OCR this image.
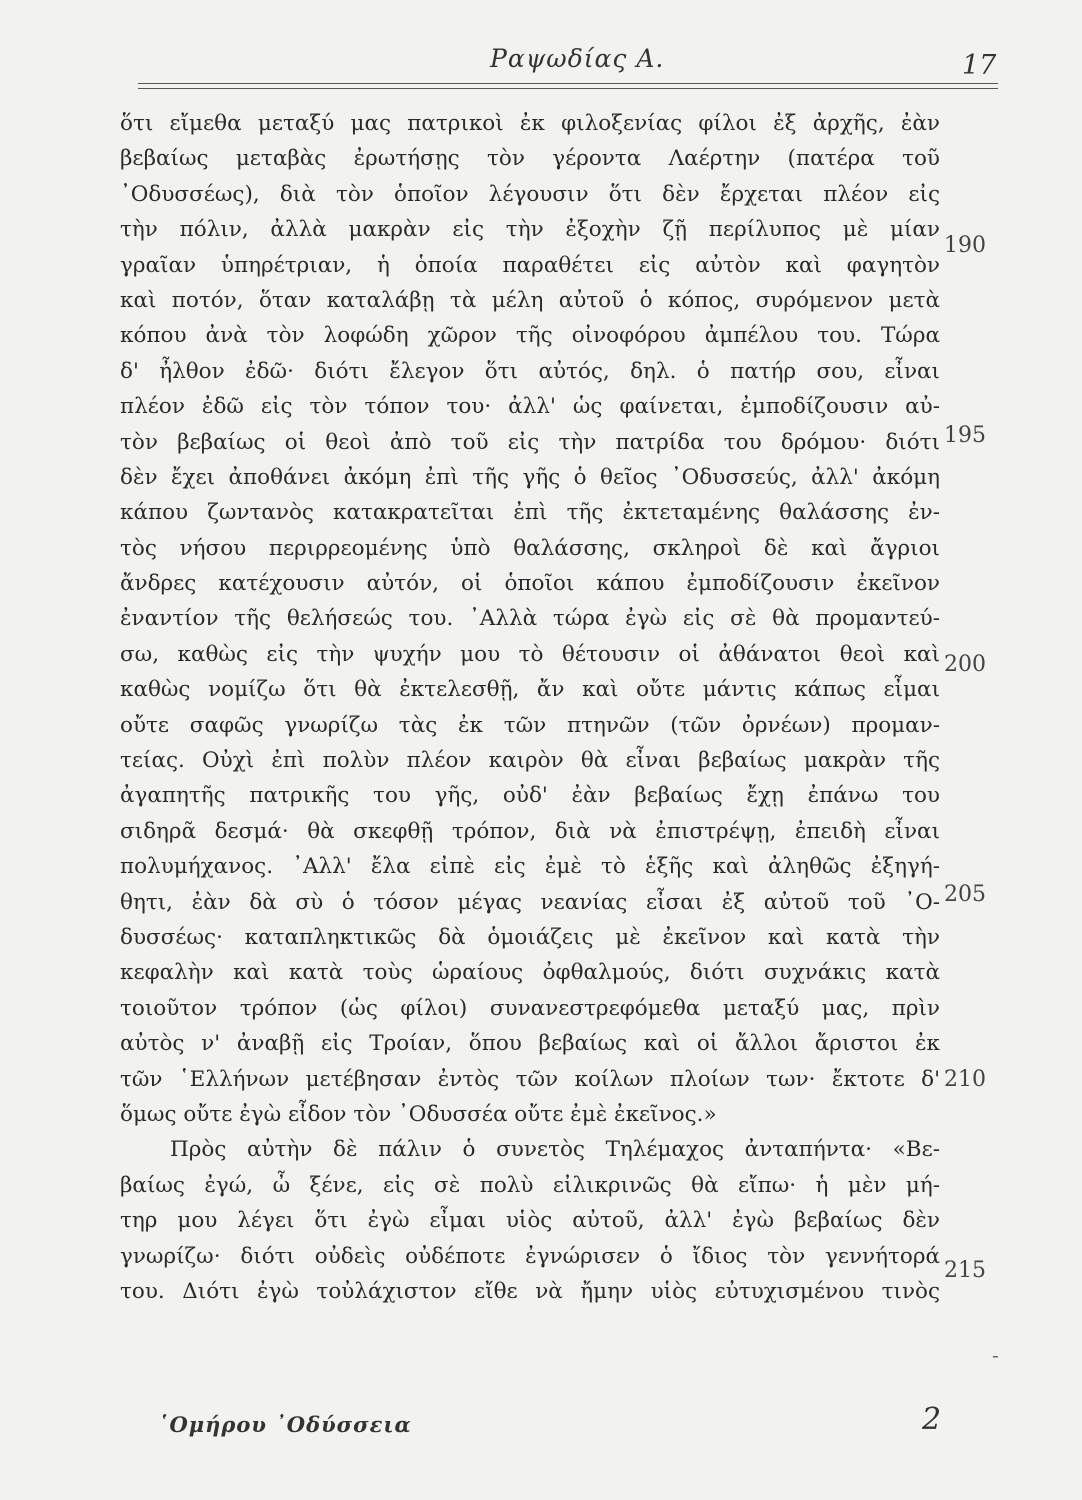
Ραψωδίας Α.	17
ὅτι εἴμεθα μεταξύ μας πατρικοὶ ἐκ φιλοξενίας φίλοι ἐξ ἀρχῆς, ἐὰν
βεβαίως μεταβὰς ἐρωτήσῃς τὸν γέροντα Λαέρτην (πατέρα τοῦ
᾿Οδυσσέως), διὰ τὸν ὁποῖον λέγουσιν ὅτι δὲν ἔρχεται πλέον εἰς
τὴν πόλιν, ἀλλὰ μακρὰν εἰς τὴν ἐξοχὴν ζῇ περίλυπος μὲ μίαν
γραῖαν ὑπηρέτριαν, ἡ ὁποία παραθέτει εἰς αὐτὸν καὶ φαγητὸν
καὶ ποτόν, ὅταν καταλάβῃ τὰ μέλη αὐτοῦ ὁ κόπος, συρόμενον μετὰ
κόπου ἀνὰ τὸν λοφώδη χῶρον τῆς οἰνοφόρου ἀμπέλου του. Τώρα
δ' ἦλθον ἐδῶ· διότι ἔλεγον ὅτι αὐτός, δηλ. ὁ πατήρ σου, εἶναι
πλέον ἐδῶ εἰς τὸν τόπον του· ἀλλ' ὡς φαίνεται, ἐμποδίζουσιν αὐ-
τὸν βεβαίως οἱ θεοὶ ἀπὸ τοῦ εἰς τὴν πατρίδα του δρόμου· διότι
δὲν ἔχει ἀποθάνει ἀκόμη ἐπὶ τῆς γῆς ὁ θεῖος ᾿Οδυσσεύς, ἀλλ' ἀκόμη
κάπου ζωντανὸς κατακρατεῖται ἐπὶ τῆς ἐκτεταμένης θαλάσσης ἐν-
τὸς νήσου περιρρεομένης ὑπὸ θαλάσσης, σκληροὶ δὲ καὶ ἄγριοι
ἄνδρες κατέχουσιν αὐτόν, οἱ ὁποῖοι κάπου ἐμποδίζουσιν ἐκεῖνον
ἐναντίον τῆς θελήσεώς του. ᾿Αλλὰ τώρα ἐγὼ εἰς σὲ θὰ προμαντεύ-
σω, καθὼς εἰς τὴν ψυχήν μου τὸ θέτουσιν οἱ ἀθάνατοι θεοὶ καὶ
καθὼς νομίζω ὅτι θὰ ἐκτελεσθῇ, ἄν καὶ οὔτε μάντις κάπως εἶμαι
οὔτε σαφῶς γνωρίζω τὰς ἐκ τῶν πτηνῶν (τῶν ὀρνέων) προμαν-
τείας. Οὐχὶ ἐπὶ πολὺν πλέον καιρὸν θὰ εἶναι βεβαίως μακρὰν τῆς
ἀγαπητῆς πατρικῆς του γῆς, οὐδ' ἐὰν βεβαίως ἔχῃ ἐπάνω του
σιδηρᾶ δεσμά· θὰ σκεφθῇ τρόπον, διὰ νὰ ἐπιστρέψῃ, ἐπειδὴ εἶναι
πολυμήχανος. ᾿Αλλ' ἔλα εἰπὲ εἰς ἐμὲ τὸ ἑξῆς καὶ ἀληθῶς ἐξηγή-
θητι, ἐὰν δὰ σὺ ὁ τόσον μέγας νεανίας εἶσαι ἐξ αὐτοῦ τοῦ ᾿Ο-
δυσσέως· καταπληκτικῶς δὰ ὁμοιάζεις μὲ ἐκεῖνον καὶ κατὰ τὴν
κεφαλὴν καὶ κατὰ τοὺς ὡραίους ὀφθαλμούς, διότι συχνάκις κατὰ
τοιοῦτον τρόπον (ὡς φίλοι) συνανεστρεφόμεθα μεταξύ μας, πρὶν
αὐτὸς ν' ἀναβῇ εἰς Τροίαν, ὅπου βεβαίως καὶ οἱ ἄλλοι ἄριστοι ἐκ
τῶν ῾Ελλήνων μετέβησαν ἐντὸς τῶν κοίλων πλοίων των· ἔκτοτε δ'
ὅμως οὔτε ἐγὼ εἶδον τὸν ᾿Οδυσσέα οὔτε ἐμὲ ἐκεῖνος.»
Πρὸς αὐτὴν δὲ πάλιν ὁ συνετὸς Τηλέμαχος ἀνταπήντα· «Βε-
βαίως ἐγώ, ὦ ξένε, εἰς σὲ πολὺ εἰλικρινῶς θὰ εἴπω· ἡ μὲν μή-
τηρ μου λέγει ὅτι ἐγὼ εἶμαι υἱὸς αὐτοῦ, ἀλλ' ἐγὼ βεβαίως δὲν
γνωρίζω· διότι οὐδεὶς οὐδέποτε ἐγνώρισεν ὁ ἴδιος τὸν γεννήτορά
του. Διότι ἐγὼ τοὐλάχιστον εἴθε νὰ ἤμην υἱὸς εὐτυχισμένου τινὸς
190
195
200
205
210
215
-
῾Ομήρου ᾿Οδύσσεια	2
